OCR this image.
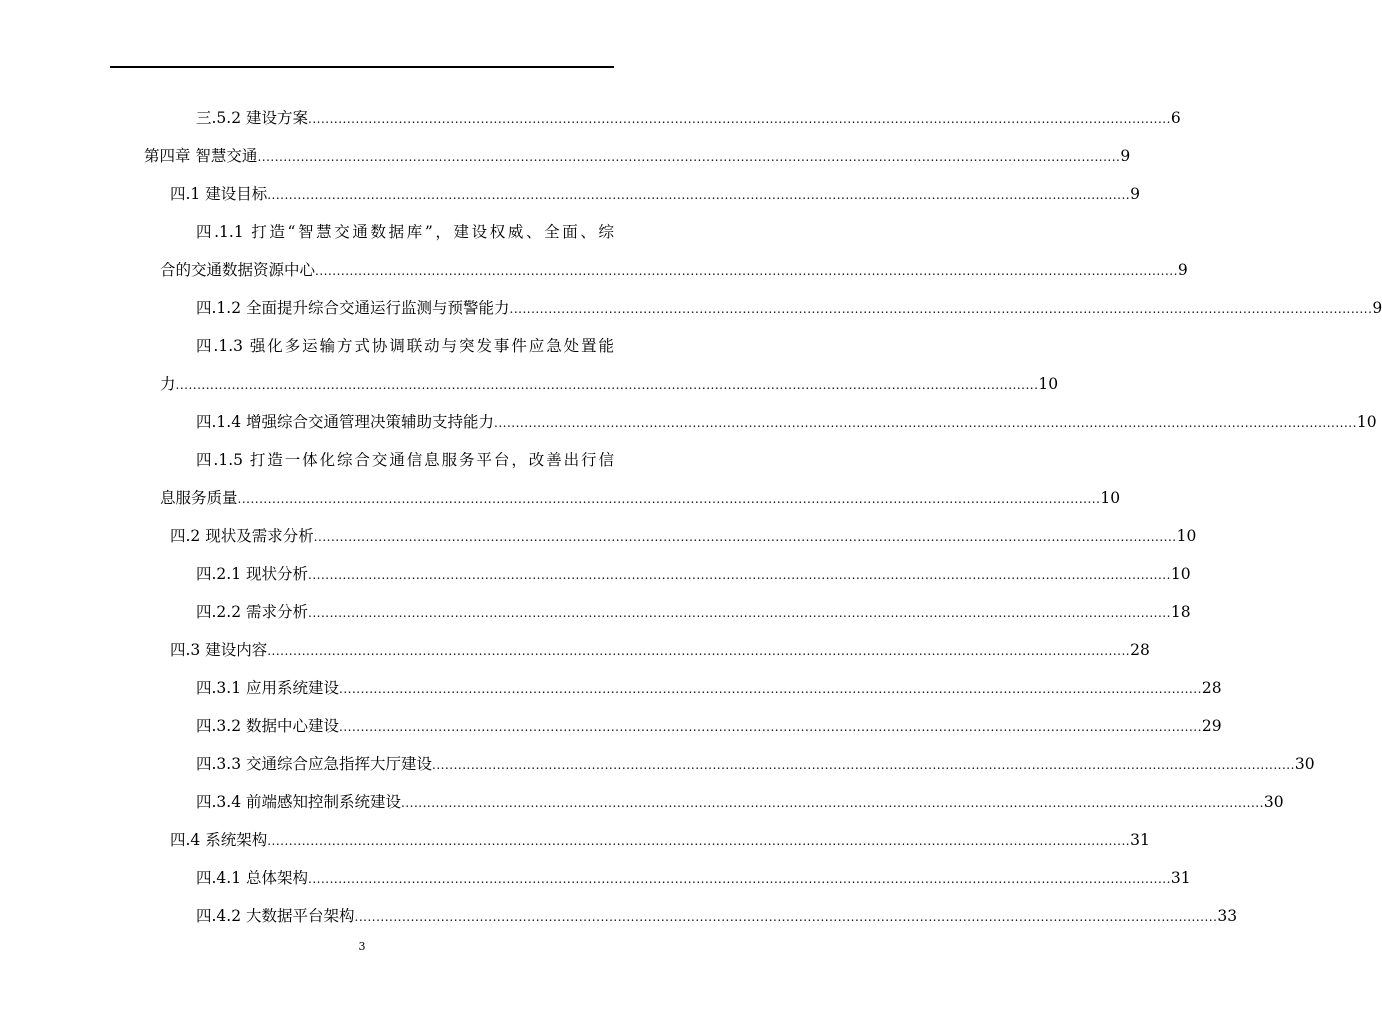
三.5.2 建设方案 ........................................................................................................................................................................................................ 6
第四章 智慧交通 ........................................................................................................................................................................................................ 9
四.1 建设目标 ........................................................................................................................................................................................................ 9
四.1.1 打造“智慧交通数据库”，建设权威、全面、综
合的交通数据资源中心 ........................................................................................................................................................................................................ 9
四.1.2 全面提升综合交通运行监测与预警能力 ........................................................................................................................................................................................................ 9
四.1.3 强化多运输方式协调联动与突发事件应急处置能
力 ........................................................................................................................................................................................................ 10
四.1.4 增强综合交通管理决策辅助支持能力 ........................................................................................................................................................................................................ 10
四.1.5 打造一体化综合交通信息服务平台，改善出行信
息服务质量 ........................................................................................................................................................................................................ 10
四.2 现状及需求分析 ........................................................................................................................................................................................................ 10
四.2.1 现状分析 ........................................................................................................................................................................................................ 10
四.2.2 需求分析 ........................................................................................................................................................................................................ 18
四.3 建设内容 ........................................................................................................................................................................................................ 28
四.3.1 应用系统建设 ........................................................................................................................................................................................................ 28
四.3.2 数据中心建设 ........................................................................................................................................................................................................ 29
四.3.3 交通综合应急指挥大厅建设 ........................................................................................................................................................................................................ 30
四.3.4 前端感知控制系统建设 ........................................................................................................................................................................................................ 30
四.4 系统架构 ........................................................................................................................................................................................................ 31
四.4.1 总体架构 ........................................................................................................................................................................................................ 31
四.4.2 大数据平台架构 ........................................................................................................................................................................................................ 33
3
